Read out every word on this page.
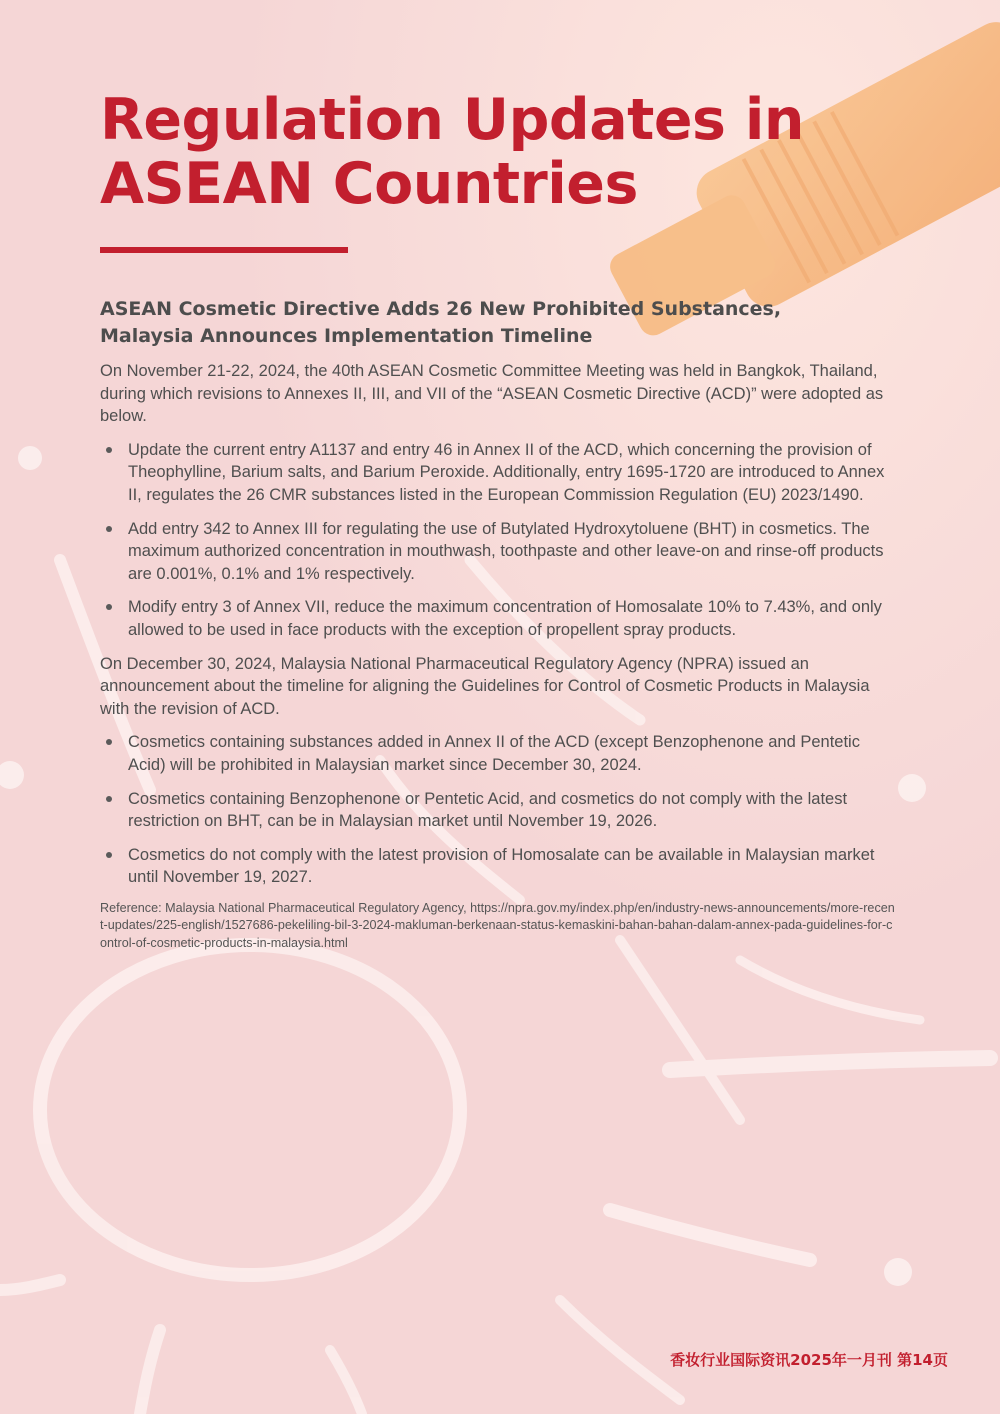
Regulation Updates in ASEAN Countries
ASEAN Cosmetic Directive Adds 26 New Prohibited Substances, Malaysia Announces Implementation Timeline

On November 21-22, 2024, the 40th ASEAN Cosmetic Committee Meeting was held in Bangkok, Thailand, during which revisions to Annexes II, III, and VII of the “ASEAN Cosmetic Directive (ACD)” were adopted as below.

Update the current entry A1137 and entry 46 in Annex II of the ACD, which concerning the provision of Theophylline, Barium salts, and Barium Peroxide. Additionally, entry 1695-1720 are introduced to Annex II, regulates the 26 CMR substances listed in the European Commission Regulation (EU) 2023/1490.
Add entry 342 to Annex III for regulating the use of Butylated Hydroxytoluene (BHT) in cosmetics. The maximum authorized concentration in mouthwash, toothpaste and other leave-on and rinse-off products are 0.001%, 0.1% and 1% respectively.
Modify entry 3 of Annex VII, reduce the maximum concentration of Homosalate 10% to 7.43%, and only allowed to be used in face products with the exception of propellent spray products.

On December 30, 2024, Malaysia National Pharmaceutical Regulatory Agency (NPRA) issued an announcement about the timeline for aligning the Guidelines for Control of Cosmetic Products in Malaysia with the revision of ACD.

Cosmetics containing substances added in Annex II of the ACD (except Benzophenone and Pentetic Acid) will be prohibited in Malaysian market since December 30, 2024.
Cosmetics containing Benzophenone or Pentetic Acid, and cosmetics do not comply with the latest restriction on BHT, can be in Malaysian market until November 19, 2026.
Cosmetics do not comply with the latest provision of Homosalate can be available in Malaysian market until November 19, 2027.
Reference: Malaysia National Pharmaceutical Regulatory Agency, https://npra.gov.my/index.php/en/industry-news-announcements/more-recent-updates/225-english/1527686-pekeliling-bil-3-2024-makluman-berkenaan-status-kemaskini-bahan-bahan-dalam-annex-pada-guidelines-for-control-of-cosmetic-products-in-malaysia.html
香妆行业国际资讯2025年一月刊 第14页
